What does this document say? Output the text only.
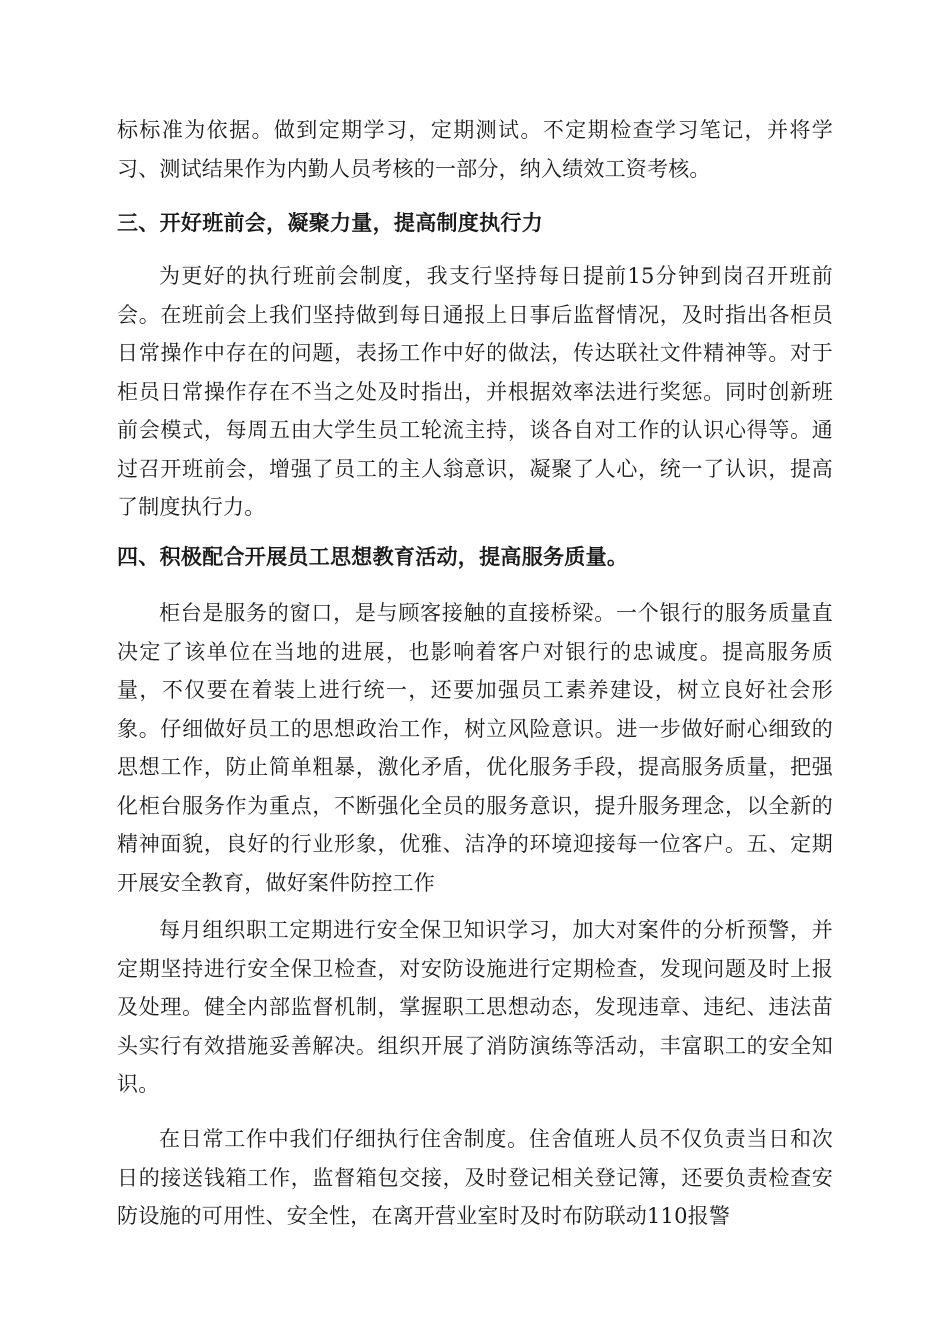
标标准为依据。做到定期学习，定期测试。不定期检查学习笔记，并将学习、测试结果作为内勤人员考核的一部分，纳入绩效工资考核。

三、开好班前会，凝聚力量，提高制度执行力

为更好的执行班前会制度，我支行坚持每日提前15分钟到岗召开班前会。在班前会上我们坚持做到每日通报上日事后监督情况，及时指出各柜员日常操作中存在的问题，表扬工作中好的做法，传达联社文件精神等。对于柜员日常操作存在不当之处及时指出，并根据效率法进行奖惩。同时创新班前会模式，每周五由大学生员工轮流主持，谈各自对工作的认识心得等。通过召开班前会，增强了员工的主人翁意识，凝聚了人心，统一了认识，提高了制度执行力。

四、积极配合开展员工思想教育活动，提高服务质量。

柜台是服务的窗口，是与顾客接触的直接桥梁。一个银行的服务质量直决定了该单位在当地的进展，也影响着客户对银行的忠诚度。提高服务质量，不仅要在着装上进行统一，还要加强员工素养建设，树立良好社会形象。仔细做好员工的思想政治工作，树立风险意识。进一步做好耐心细致的思想工作，防止简单粗暴，激化矛盾，优化服务手段，提高服务质量，把强化柜台服务作为重点，不断强化全员的服务意识，提升服务理念，以全新的精神面貌，良好的行业形象，优雅、洁净的环境迎接每一位客户。五、定期开展安全教育，做好案件防控工作

每月组织职工定期进行安全保卫知识学习，加大对案件的分析预警，并定期坚持进行安全保卫检查，对安防设施进行定期检查，发现问题及时上报及处理。健全内部监督机制，掌握职工思想动态，发现违章、违纪、违法苗头实行有效措施妥善解决。组织开展了消防演练等活动，丰富职工的安全知识。

在日常工作中我们仔细执行住舍制度。住舍值班人员不仅负责当日和次日的接送钱箱工作，监督箱包交接，及时登记相关登记簿，还要负责检查安防设施的可用性、安全性，在离开营业室时及时布防联动110报警
